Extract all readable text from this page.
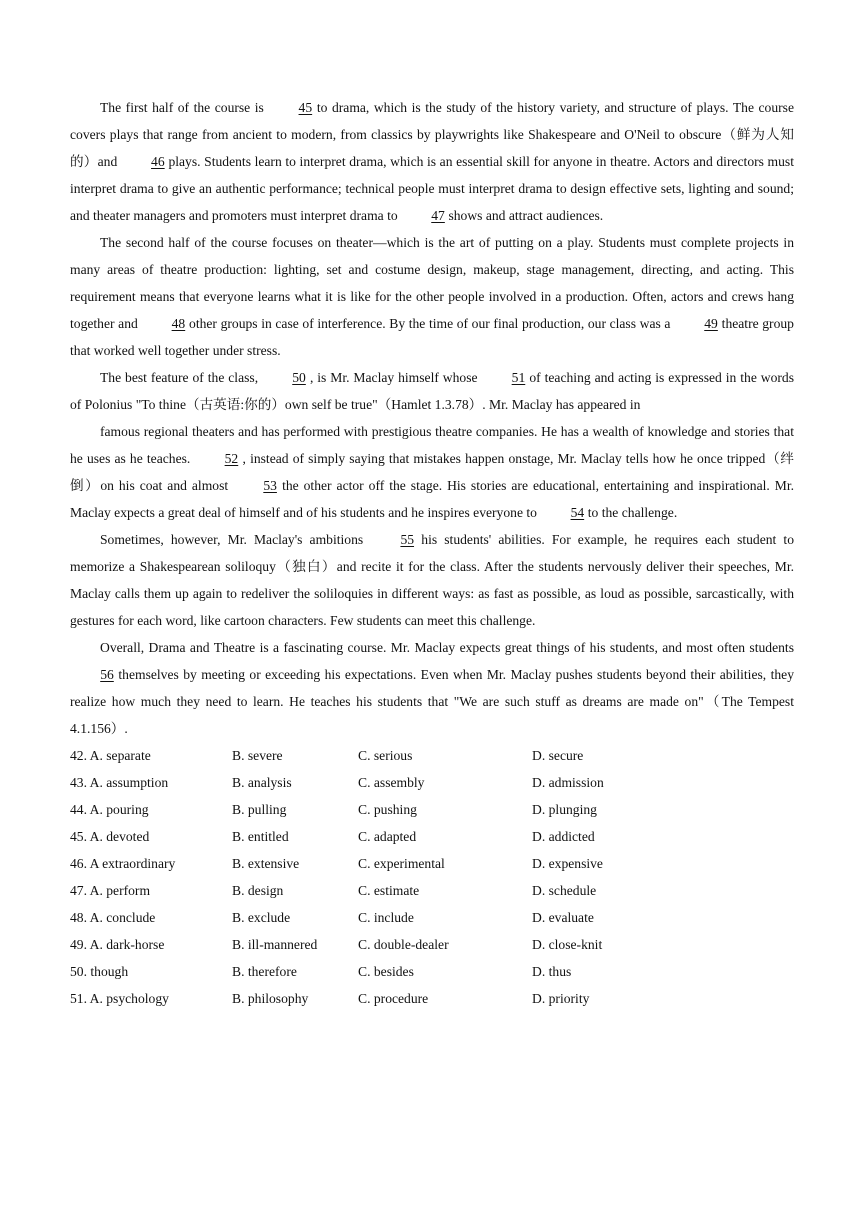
The first half of the course is 45 to drama, which is the study of the history variety, and structure of plays. The course covers plays that range from ancient to modern, from classics by playwrights like Shakespeare and O'Neil to obscure（鲜为人知的）and 46 plays. Students learn to interpret drama, which is an essential skill for anyone in theatre. Actors and directors must interpret drama to give an authentic performance; technical people must interpret drama to design effective sets, lighting and sound; and theater managers and promoters must interpret drama to 47 shows and attract audiences.

The second half of the course focuses on theater—which is the art of putting on a play. Students must complete projects in many areas of theatre production: lighting, set and costume design, makeup, stage management, directing, and acting. This requirement means that everyone learns what it is like for the other people involved in a production. Often, actors and crews hang together and 48 other groups in case of interference. By the time of our final production, our class was a 49 theatre group that worked well together under stress.

The best feature of the class, 50 , is Mr. Maclay himself whose 51 of teaching and acting is expressed in the words of Polonius "To thine（古英语:你的）own self be true"（Hamlet 1.3.78）. Mr. Maclay has appeared in

famous regional theaters and has performed with prestigious theatre companies. He has a wealth of knowledge and stories that he uses as he teaches. 52 , instead of simply saying that mistakes happen onstage, Mr. Maclay tells how he once tripped（绊倒）on his coat and almost 53 the other actor off the stage. His stories are educational, entertaining and inspirational. Mr. Maclay expects a great deal of himself and of his students and he inspires everyone to 54 to the challenge.

Sometimes, however, Mr. Maclay's ambitions 55 his students' abilities. For example, he requires each student to memorize a Shakespearean soliloquy（独白）and recite it for the class. After the students nervously deliver their speeches, Mr. Maclay calls them up again to redeliver the soliloquies in different ways: as fast as possible, as loud as possible, sarcastically, with gestures for each word, like cartoon characters. Few students can meet this challenge.

Overall, Drama and Theatre is a fascinating course. Mr. Maclay expects great things of his students, and most often students 56 themselves by meeting or exceeding his expectations. Even when Mr. Maclay pushes students beyond their abilities, they realize how much they need to learn. He teaches his students that "We are such stuff as dreams are made on"（The Tempest 4.1.156）.

42. A. separate	B. severe	C. serious	D. secure
43. A. assumption	B. analysis	C. assembly	D. admission
44. A. pouring	B. pulling	C. pushing	D. plunging
45. A. devoted	B. entitled	C. adapted	D. addicted
46. A extraordinary	B. extensive	C. experimental	D. expensive
47. A. perform	B. design	C. estimate	D. schedule
48. A. conclude	B. exclude	C. include	D. evaluate
49. A. dark-horse	B. ill-mannered	C. double-dealer	D. close-knit
50. though	B. therefore	C. besides	D. thus
51. A. psychology	B. philosophy	C. procedure	D. priority
